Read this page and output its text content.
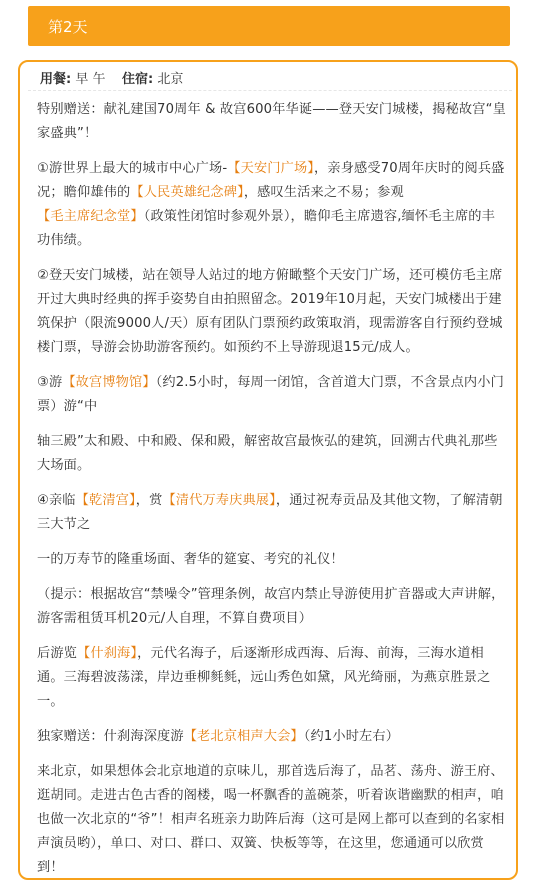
第2天
用餐: 早 午 住宿: 北京

特别赠送：献礼建国70周年 & 故宫600年华诞——登天安门城楼，揭秘故宫“皇家盛典”！

①游世界上最大的城市中心广场-【天安门广场】，亲身感受70周年庆时的阅兵盛况；瞻仰雄伟的【人民英雄纪念碑】，感叹生活来之不易；参观【毛主席纪念堂】（政策性闭馆时参观外景），瞻仰毛主席遗容,缅怀毛主席的丰功伟绩。

②登天安门城楼，站在领导人站过的地方俯瞰整个天安门广场，还可模仿毛主席开过大典时经典的挥手姿势自由拍照留念。2019年10月起，天安门城楼出于建筑保护（限流9000人/天）原有团队门票预约政策取消，现需游客自行预约登城楼门票，导游会协助游客预约。如预约不上导游现退15元/成人。

③游【故宫博物馆】（约2.5小时，每周一闭馆，含首道大门票，不含景点内小门票）游“中

轴三殿”太和殿、中和殿、保和殿，解密故宫最恢弘的建筑，回溯古代典礼那些大场面。

④亲临【乾清宫】，赏【清代万寿庆典展】，通过祝寿贡品及其他文物，了解清朝三大节之

一的万寿节的隆重场面、奢华的筵宴、考究的礼仪！

（提示：根据故宫“禁噪令”管理条例，故宫内禁止导游使用扩音器或大声讲解，游客需租赁耳机20元/人自理，不算自费项目）

后游览【什刹海】，元代名海子，后逐渐形成西海、后海、前海，三海水道相通。三海碧波荡漾，岸边垂柳毵毵，远山秀色如黛，风光绮丽，为燕京胜景之一。

独家赠送：什刹海深度游【老北京相声大会】（约1小时左右）

来北京，如果想体会北京地道的京味儿，那首选后海了，品茗、荡舟、游王府、逛胡同。走进古色古香的阁楼，喝一杯飘香的盖碗茶，听着诙谐幽默的相声，咱也做一次北京的“爷”！相声名班亲力助阵后海（这可是网上都可以查到的名家相声演员哟），单口、对口、群口、双簧、快板等等，在这里，您通通可以欣赏到！
